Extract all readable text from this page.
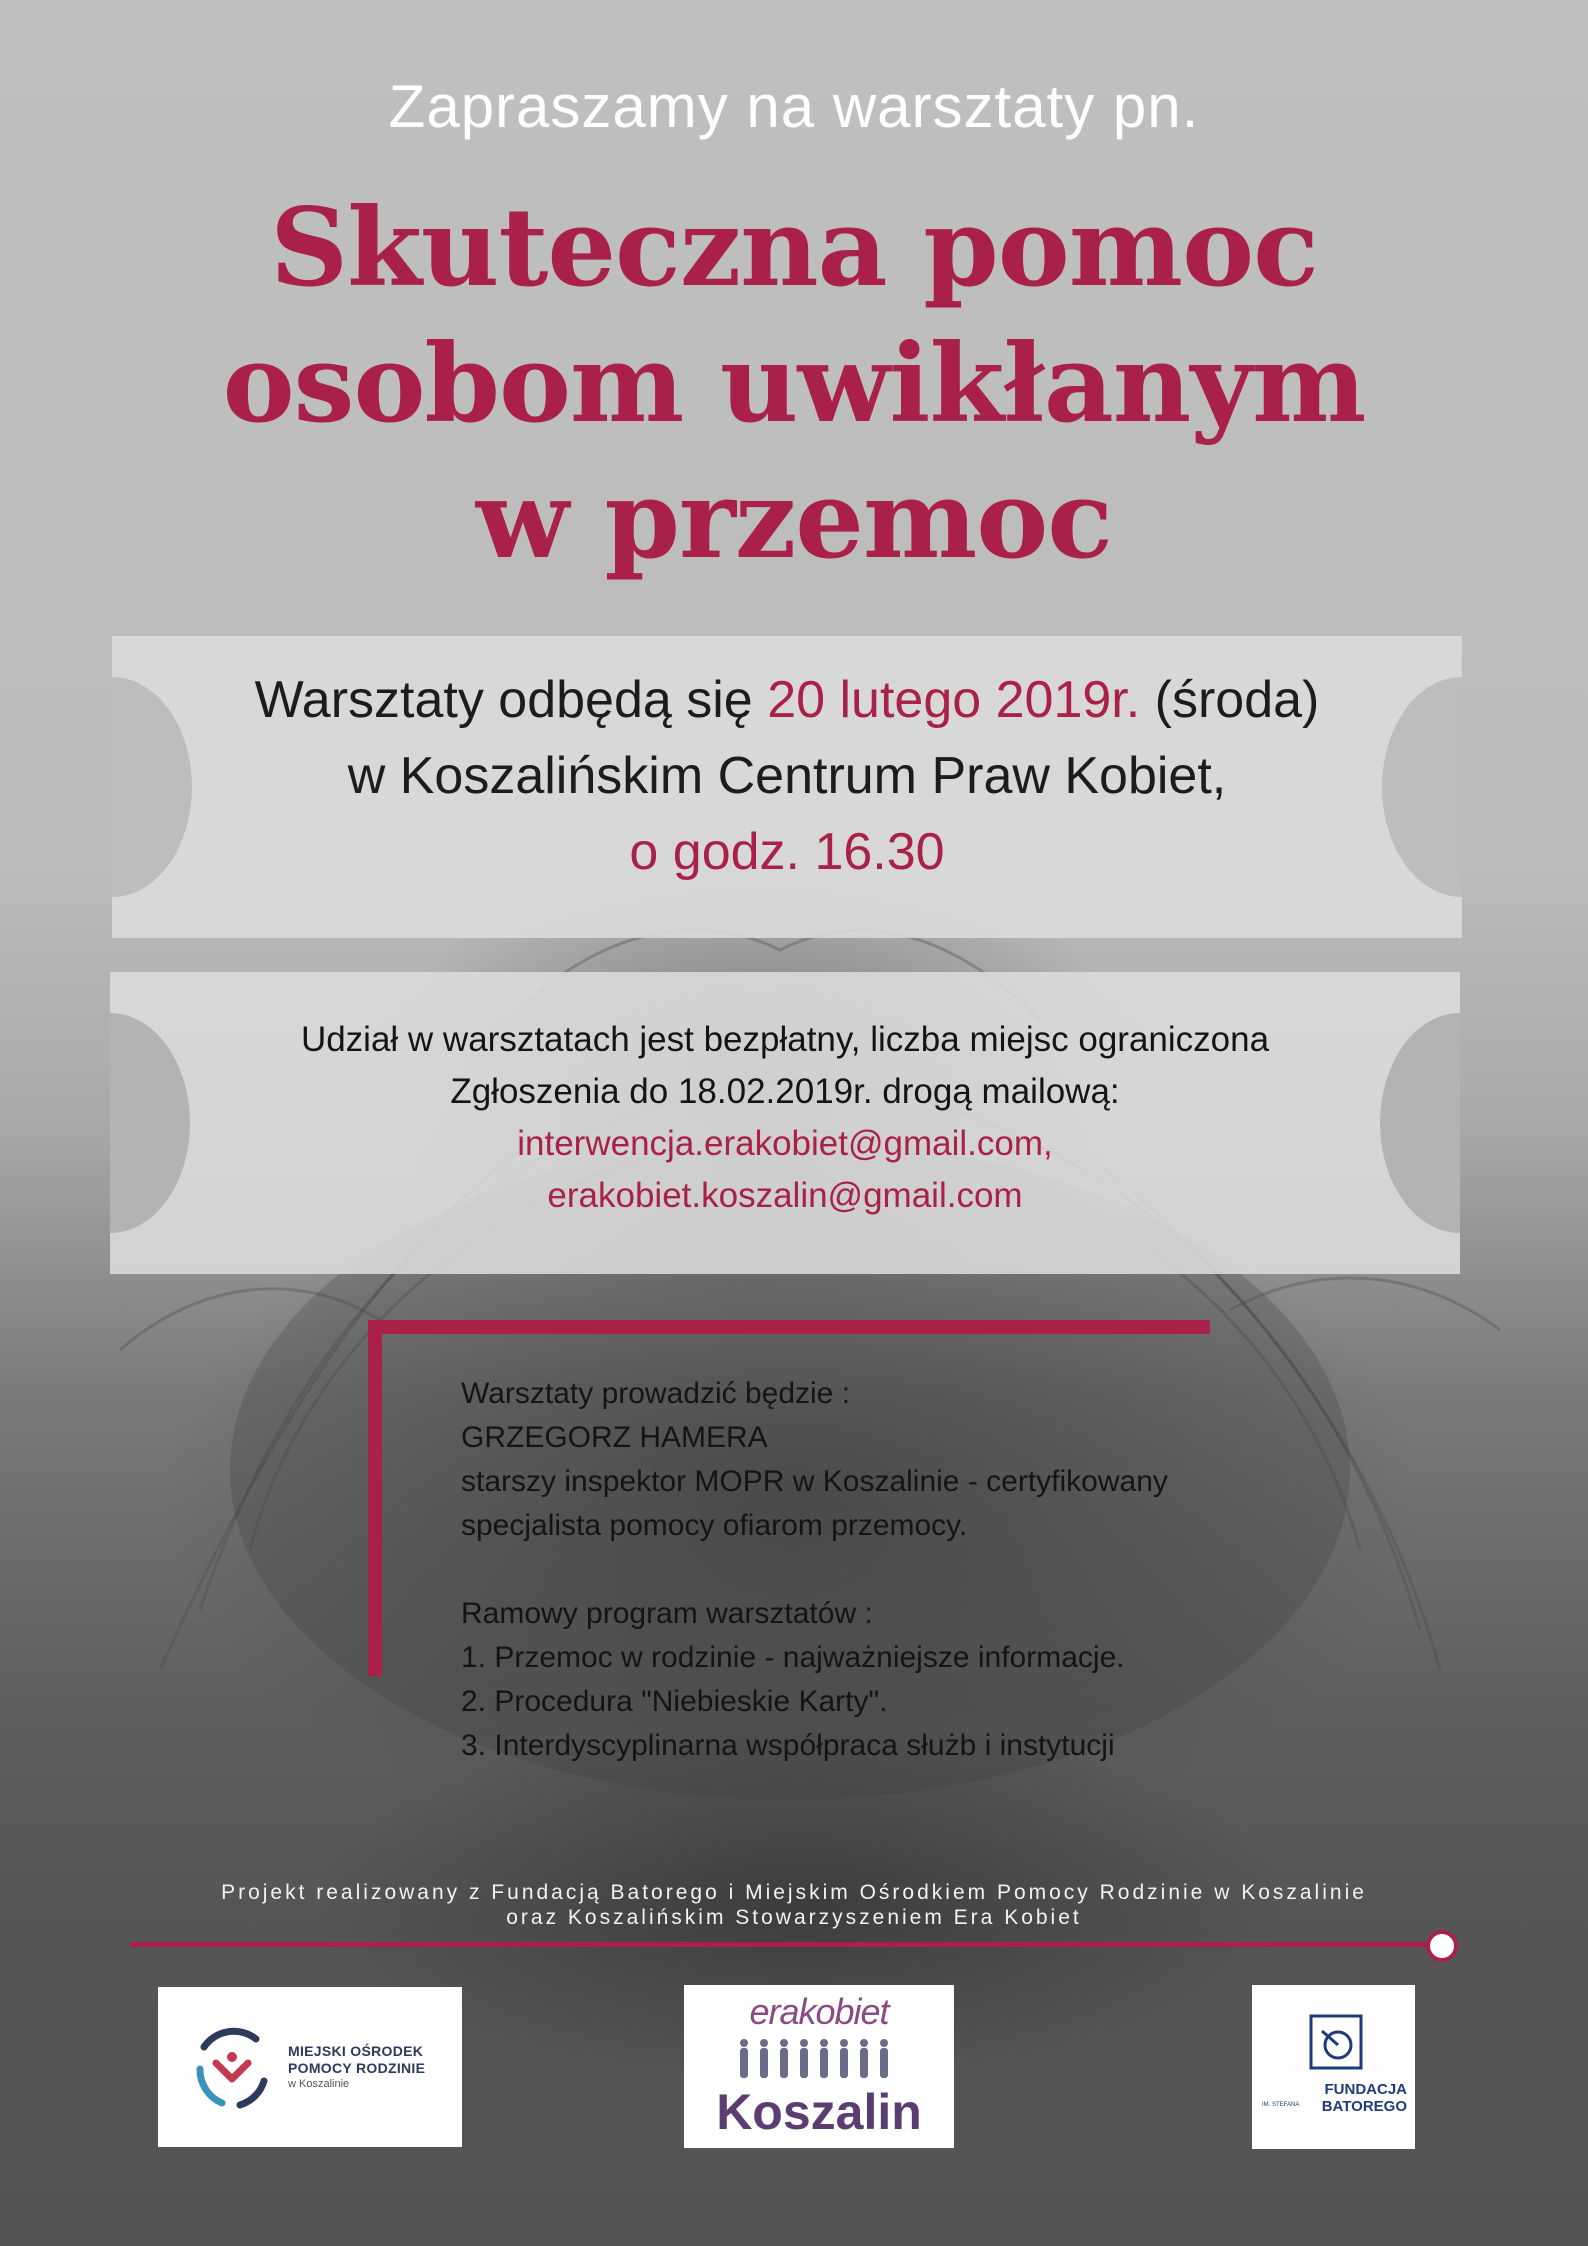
Zapraszamy na warsztaty pn.
Skuteczna pomoc
osobom uwikłanym
w przemoc
Warsztaty odbędą się 20 lutego 2019r. (środa)
w Koszalińskim Centrum Praw Kobiet,
o godz. 16.30
Udział w warsztatach jest bezpłatny, liczba miejsc ograniczona
Zgłoszenia do 18.02.2019r. drogą mailową:
interwencja.erakobiet@gmail.com,
erakobiet.koszalin@gmail.com
Warsztaty prowadzić będzie :
GRZEGORZ HAMERA
starszy inspektor MOPR w Koszalinie - certyfikowany
specjalista pomocy ofiarom przemocy.
Ramowy program warsztatów :
1. Przemoc w rodzinie - najważniejsze informacje.
2. Procedura "Niebieskie Karty".
3. Interdyscyplinarna współpraca służb i instytucji
Projekt realizowany z Fundacją Batorego i Miejskim Ośrodkiem Pomocy Rodzinie w Koszalinie
oraz Koszalińskim Stowarzyszeniem Era Kobiet
MIEJSKI OŚRODEK
POMOCY RODZINIE
w Koszalinie
erakobiet
Koszalin	IM. STEFANA
FUNDACJA
BATOREGO
